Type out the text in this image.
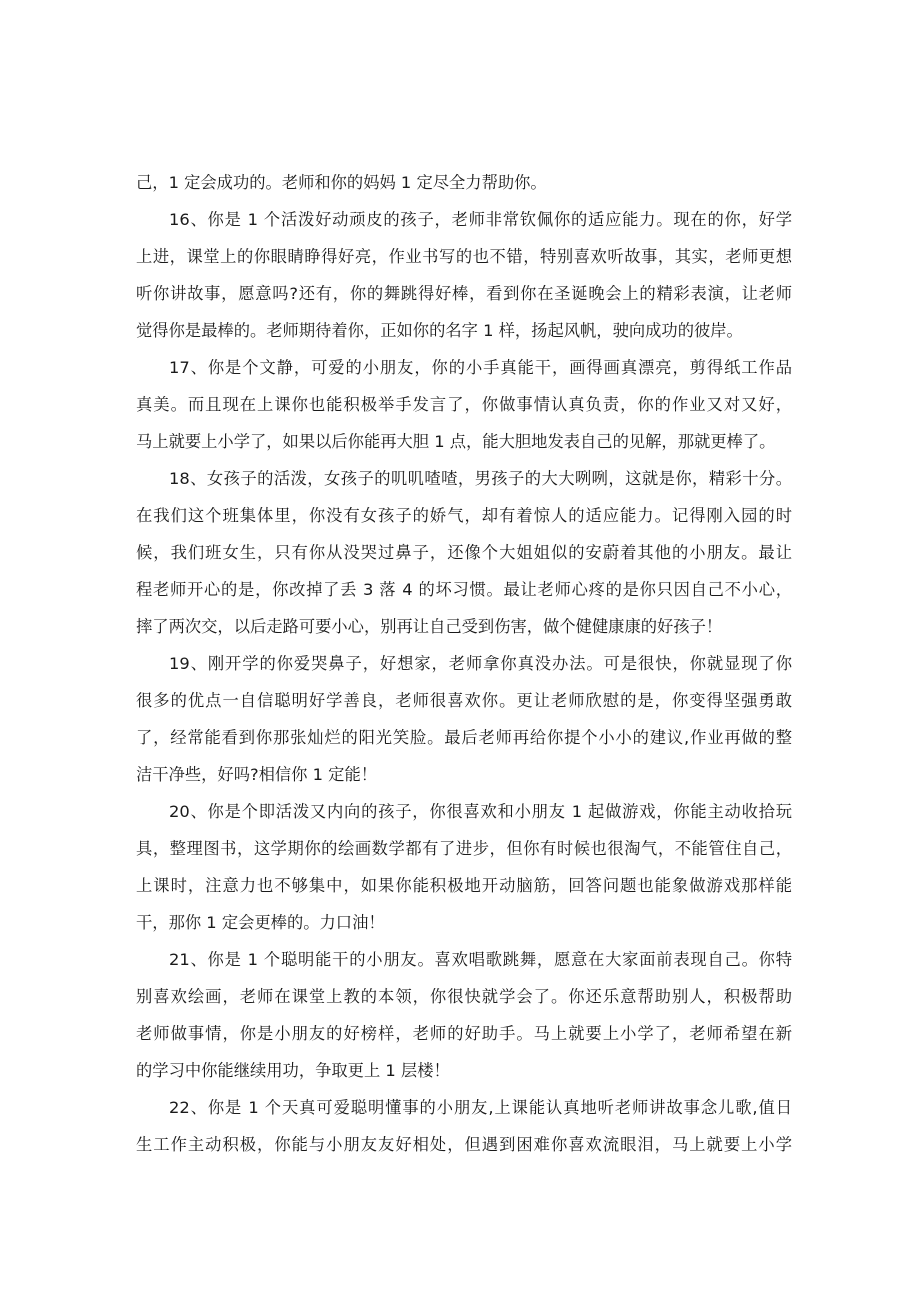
己，1 定会成功的。老师和你的妈妈 1 定尽全力帮助你。
16、你是 1 个活泼好动顽皮的孩子，老师非常钦佩你的适应能力。现在的你，好学
上进，课堂上的你眼睛睁得好亮，作业书写的也不错，特别喜欢听故事，其实，老师更想
听你讲故事，愿意吗?还有，你的舞跳得好棒，看到你在圣诞晚会上的精彩表演，让老师
觉得你是最棒的。老师期待着你，正如你的名字 1 样，扬起风帆，驶向成功的彼岸。
17、你是个文静，可爱的小朋友，你的小手真能干，画得画真漂亮，剪得纸工作品
真美。而且现在上课你也能积极举手发言了，你做事情认真负责，你的作业又对又好，
马上就要上小学了，如果以后你能再大胆 1 点，能大胆地发表自己的见解，那就更棒了。
18、女孩子的活泼，女孩子的叽叽喳喳，男孩子的大大咧咧，这就是你，精彩十分。
在我们这个班集体里，你没有女孩子的娇气，却有着惊人的适应能力。记得刚入园的时
候，我们班女生，只有你从没哭过鼻子，还像个大姐姐似的安蔚着其他的小朋友。最让
程老师开心的是，你改掉了丢 3 落 4 的坏习惯。最让老师心疼的是你只因自己不小心，
摔了两次交，以后走路可要小心，别再让自己受到伤害，做个健健康康的好孩子！
19、刚开学的你爱哭鼻子，好想家，老师拿你真没办法。可是很快，你就显现了你
很多的优点一自信聪明好学善良，老师很喜欢你。更让老师欣慰的是，你变得坚强勇敢
了，经常能看到你那张灿烂的阳光笑脸。最后老师再给你提个小小的建议,作业再做的整
洁干净些，好吗?相信你 1 定能！
20、你是个即活泼又内向的孩子，你很喜欢和小朋友 1 起做游戏，你能主动收拾玩
具，整理图书，这学期你的绘画数学都有了进步，但你有时候也很淘气，不能管住自己，
上课时，注意力也不够集中，如果你能积极地开动脑筋，回答问题也能象做游戏那样能
干，那你 1 定会更棒的。力口油！
21、你是 1 个聪明能干的小朋友。喜欢唱歌跳舞，愿意在大家面前表现自己。你特
别喜欢绘画，老师在课堂上教的本领，你很快就学会了。你还乐意帮助别人，积极帮助
老师做事情，你是小朋友的好榜样，老师的好助手。马上就要上小学了，老师希望在新
的学习中你能继续用功，争取更上 1 层楼！
22、你是 1 个天真可爱聪明懂事的小朋友,上课能认真地听老师讲故事念儿歌,值日
生工作主动积极，你能与小朋友友好相处，但遇到困难你喜欢流眼泪，马上就要上小学
